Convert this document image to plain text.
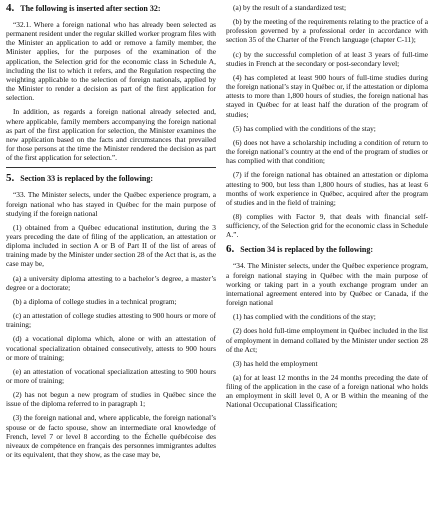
4. The following is inserted after section 32:

“32.1. Where a foreign national who has already been selected as permanent resident under the regular skilled worker program files with the Minister an application to add or remove a family member, the Minister applies, for the purposes of the examination of the application, the Selection grid for the economic class in Schedule A, including the list to which it refers, and the Regulation respecting the weighting applicable to the selection of foreign nationals, applied by the Minister to render a decision as part of the first application for selection.

In addition, as regards a foreign national already selected and, where applicable, family members accompanying the foreign national as part of the first application for selection, the Minister examines the new application based on the facts and circumstances that prevailed for those persons at the time the Minister rendered the decision as part of the first application for selection.”.

5. Section 33 is replaced by the following:

“33. The Minister selects, under the Québec experience program, a foreign national who has stayed in Québec for the main purpose of studying if the foreign national

(1) obtained from a Québec educational institution, during the 3 years preceding the date of filing of the application, an attestation or diploma included in section A or B of Part II of the list of areas of training made by the Minister under section 28 of the Act that is, as the case may be,

(a) a university diploma attesting to a bachelor’s degree, a master’s degree or a doctorate;

(b) a diploma of college studies in a technical program;

(c) an attestation of college studies attesting to 900 hours or more of training;

(d) a vocational diploma which, alone or with an attestation of vocational specialization obtained consecutively, attests to 900 hours or more of training;

(e) an attestation of vocational specialization attesting to 900 hours or more of training;

(2) has not begun a new program of studies in Québec since the issue of the diploma referred to in paragraph 1;

(3) the foreign national and, where applicable, the foreign national’s spouse or de facto spouse, show an intermediate oral knowledge of French, level 7 or level 8 according to the Échelle québécoise des niveaux de compétence en français des personnes immigrantes adultes or its equivalent, that they show, as the case may be,

(a) by the result of a standardized test;

(b) by the meeting of the requirements relating to the practice of a profession governed by a professional order in accordance with section 35 of the Charter of the French language (chapter C-11);

(c) by the successful completion of at least 3 years of full-time studies in French at the secondary or post-secondary level;

(4) has completed at least 900 hours of full-time studies during the foreign national’s stay in Québec or, if the attestation or diploma attests to more than 1,800 hours of studies, the foreign national has stayed in Québec for at least half the duration of the program of studies;

(5) has complied with the conditions of the stay;

(6) does not have a scholarship including a condition of return to the foreign national’s country at the end of the program of studies or has complied with that condition;

(7) if the foreign national has obtained an attestation or diploma attesting to 900, but less than 1,800 hours of studies, has at least 6 months of work experience in Québec, acquired after the program of studies and in the field of training;

(8) complies with Factor 9, that deals with financial self-sufficiency, of the Selection grid for the economic class in Schedule A.”.

6. Section 34 is replaced by the following:

“34. The Minister selects, under the Québec experience program, a foreign national staying in Québec with the main purpose of working or taking part in a youth exchange program under an international agreement entered into by Québec or Canada, if the foreign national

(1) has complied with the conditions of the stay;

(2) does hold full-time employment in Québec included in the list of employment in demand collated by the Minister under section 28 of the Act;

(3) has held the employment

(a) for at least 12 months in the 24 months preceding the date of filing of the application in the case of a foreign national who holds an employment in skill level 0, A or B within the meaning of the National Occupational Classification;
